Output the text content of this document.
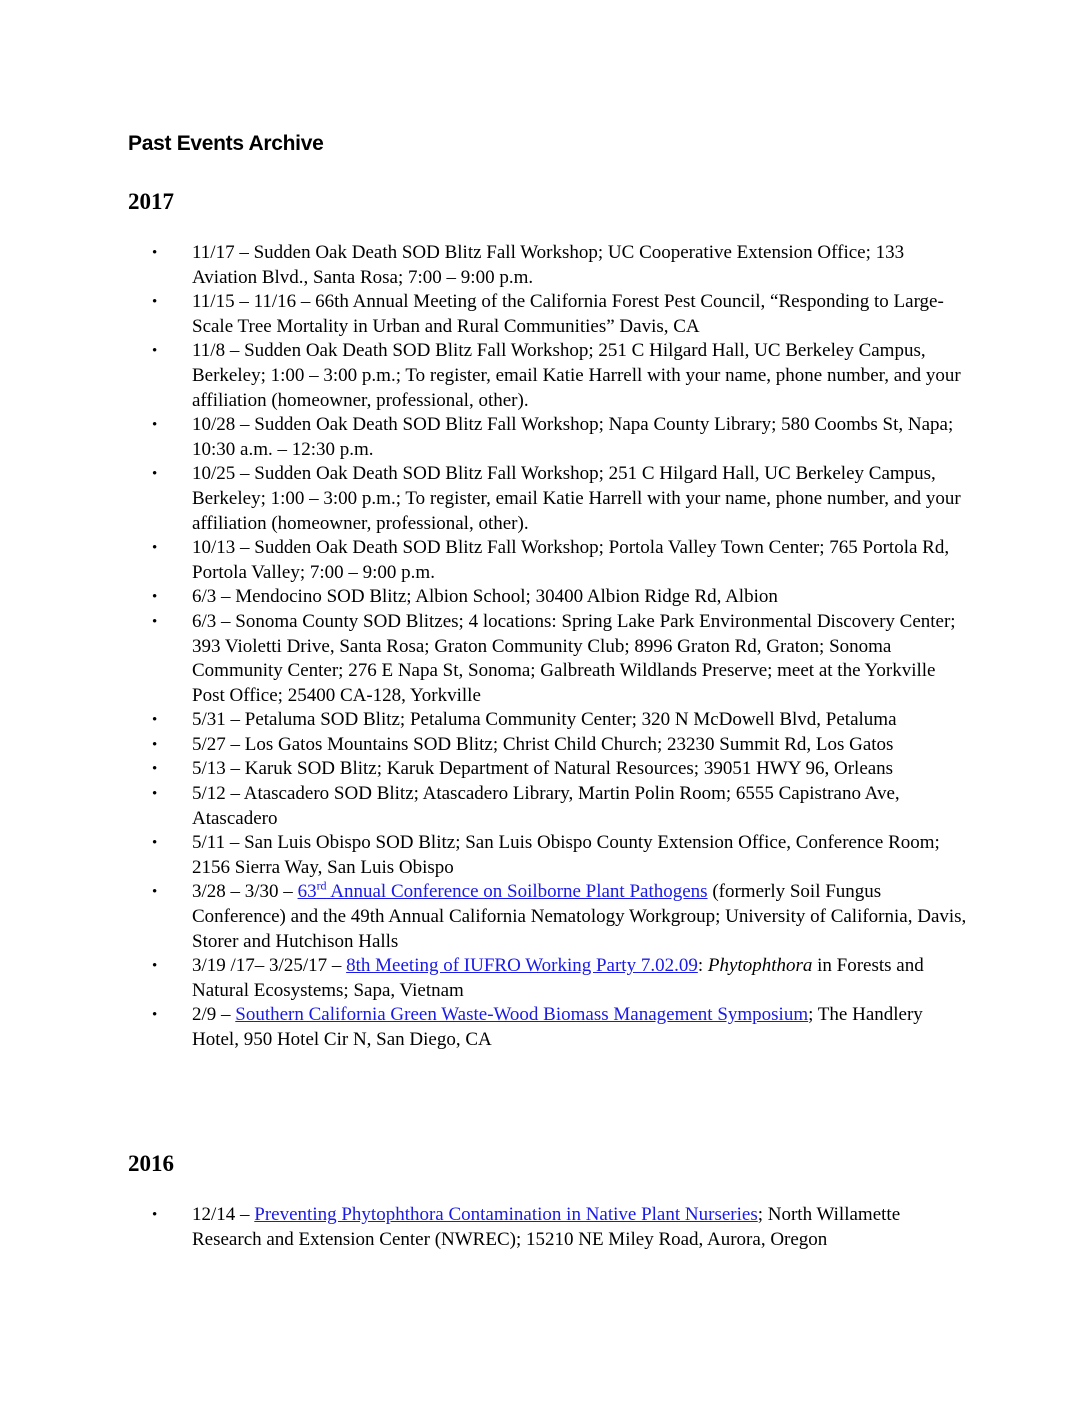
Past Events Archive
2017
• 11/17 – Sudden Oak Death SOD Blitz Fall Workshop; UC Cooperative Extension Office; 133 Aviation Blvd., Santa Rosa; 7:00 – 9:00 p.m.
• 11/15 – 11/16 – 66th Annual Meeting of the California Forest Pest Council, “Responding to Large-Scale Tree Mortality in Urban and Rural Communities” Davis, CA
• 11/8 – Sudden Oak Death SOD Blitz Fall Workshop; 251 C Hilgard Hall, UC Berkeley Campus, Berkeley; 1:00 – 3:00 p.m.; To register, email Katie Harrell with your name, phone number, and your affiliation (homeowner, professional, other).
• 10/28 – Sudden Oak Death SOD Blitz Fall Workshop; Napa County Library; 580 Coombs St, Napa; 10:30 a.m. – 12:30 p.m.
• 10/25 – Sudden Oak Death SOD Blitz Fall Workshop; 251 C Hilgard Hall, UC Berkeley Campus, Berkeley; 1:00 – 3:00 p.m.; To register, email Katie Harrell with your name, phone number, and your affiliation (homeowner, professional, other).
• 10/13 – Sudden Oak Death SOD Blitz Fall Workshop; Portola Valley Town Center; 765 Portola Rd, Portola Valley; 7:00 – 9:00 p.m.
• 6/3 – Mendocino SOD Blitz; Albion School; 30400 Albion Ridge Rd, Albion
• 6/3 – Sonoma County SOD Blitzes; 4 locations: Spring Lake Park Environmental Discovery Center; 393 Violetti Drive, Santa Rosa; Graton Community Club; 8996 Graton Rd, Graton; Sonoma Community Center; 276 E Napa St, Sonoma; Galbreath Wildlands Preserve; meet at the Yorkville Post Office; 25400 CA-128, Yorkville
• 5/31 – Petaluma SOD Blitz; Petaluma Community Center; 320 N McDowell Blvd, Petaluma
• 5/27 – Los Gatos Mountains SOD Blitz; Christ Child Church; 23230 Summit Rd, Los Gatos
• 5/13 – Karuk SOD Blitz; Karuk Department of Natural Resources; 39051 HWY 96, Orleans
• 5/12 – Atascadero SOD Blitz; Atascadero Library, Martin Polin Room; 6555 Capistrano Ave, Atascadero
• 5/11 – San Luis Obispo SOD Blitz; San Luis Obispo County Extension Office, Conference Room; 2156 Sierra Way, San Luis Obispo
• 3/28 – 3/30 – 63rd Annual Conference on Soilborne Plant Pathogens (formerly Soil Fungus Conference) and the 49th Annual California Nematology Workgroup; University of California, Davis, Storer and Hutchison Halls
• 3/19 /17– 3/25/17 – 8th Meeting of IUFRO Working Party 7.02.09: Phytophthora in Forests and Natural Ecosystems; Sapa, Vietnam
• 2/9 – Southern California Green Waste-Wood Biomass Management Symposium; The Handlery Hotel, 950 Hotel Cir N, San Diego, CA
2016
• 12/14 – Preventing Phytophthora Contamination in Native Plant Nurseries; North Willamette Research and Extension Center (NWREC); 15210 NE Miley Road, Aurora, Oregon
